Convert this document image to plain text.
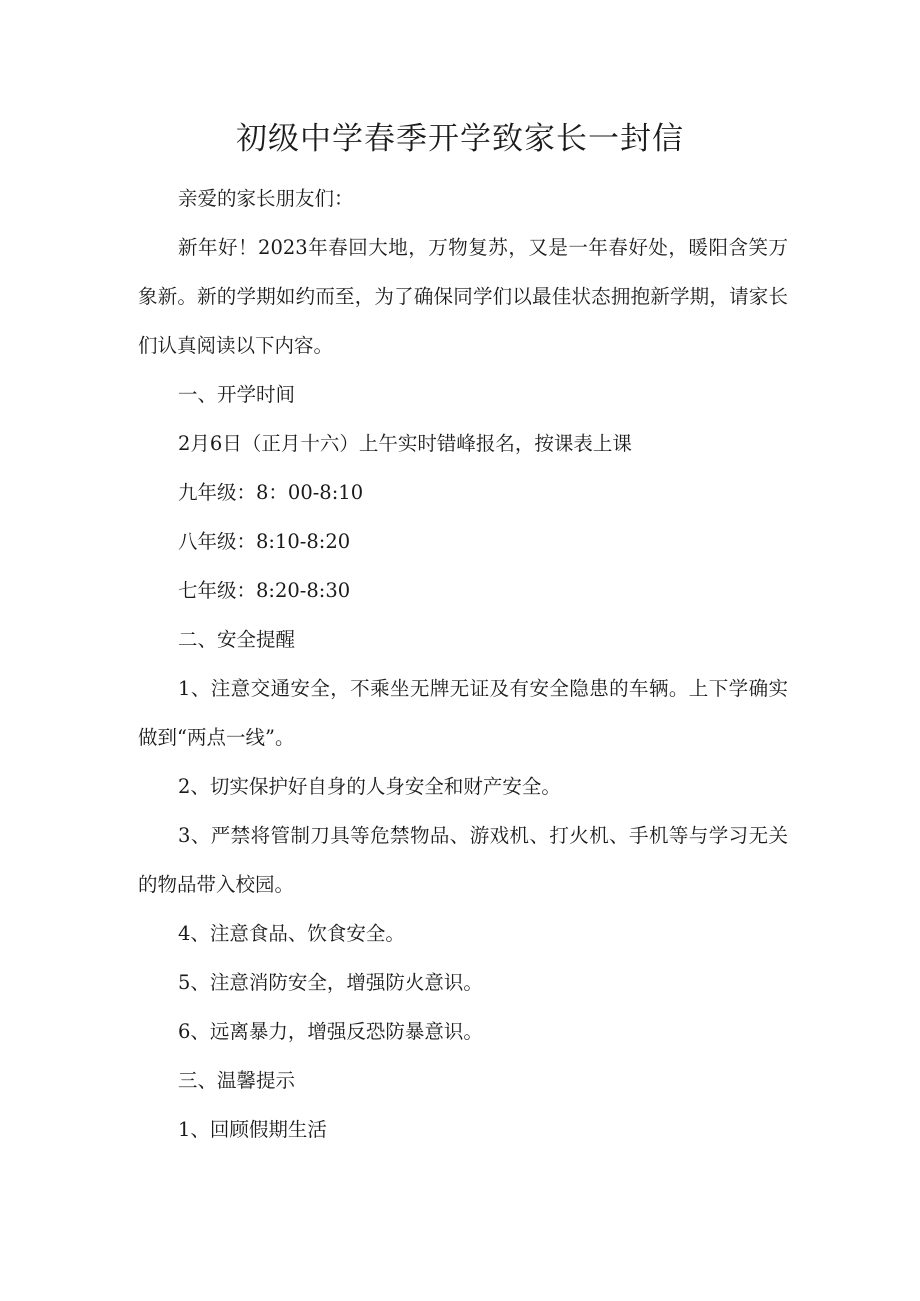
初级中学春季开学致家长一封信

亲爱的家长朋友们：

新年好！2023年春回大地，万物复苏，又是一年春好处，暖阳含笑万象新。新的学期如约而至，为了确保同学们以最佳状态拥抱新学期，请家长们认真阅读以下内容。

一、开学时间

2月6日（正月十六）上午实时错峰报名，按课表上课

九年级：8：00-8:10

八年级：8:10-8:20

七年级：8:20-8:30

二、安全提醒

1、注意交通安全，不乘坐无牌无证及有安全隐患的车辆。上下学确实做到“两点一线”。

2、切实保护好自身的人身安全和财产安全。

3、严禁将管制刀具等危禁物品、游戏机、打火机、手机等与学习无关的物品带入校园。

4、注意食品、饮食安全。

5、注意消防安全，增强防火意识。

6、远离暴力，增强反恐防暴意识。

三、温馨提示

1、回顾假期生活
